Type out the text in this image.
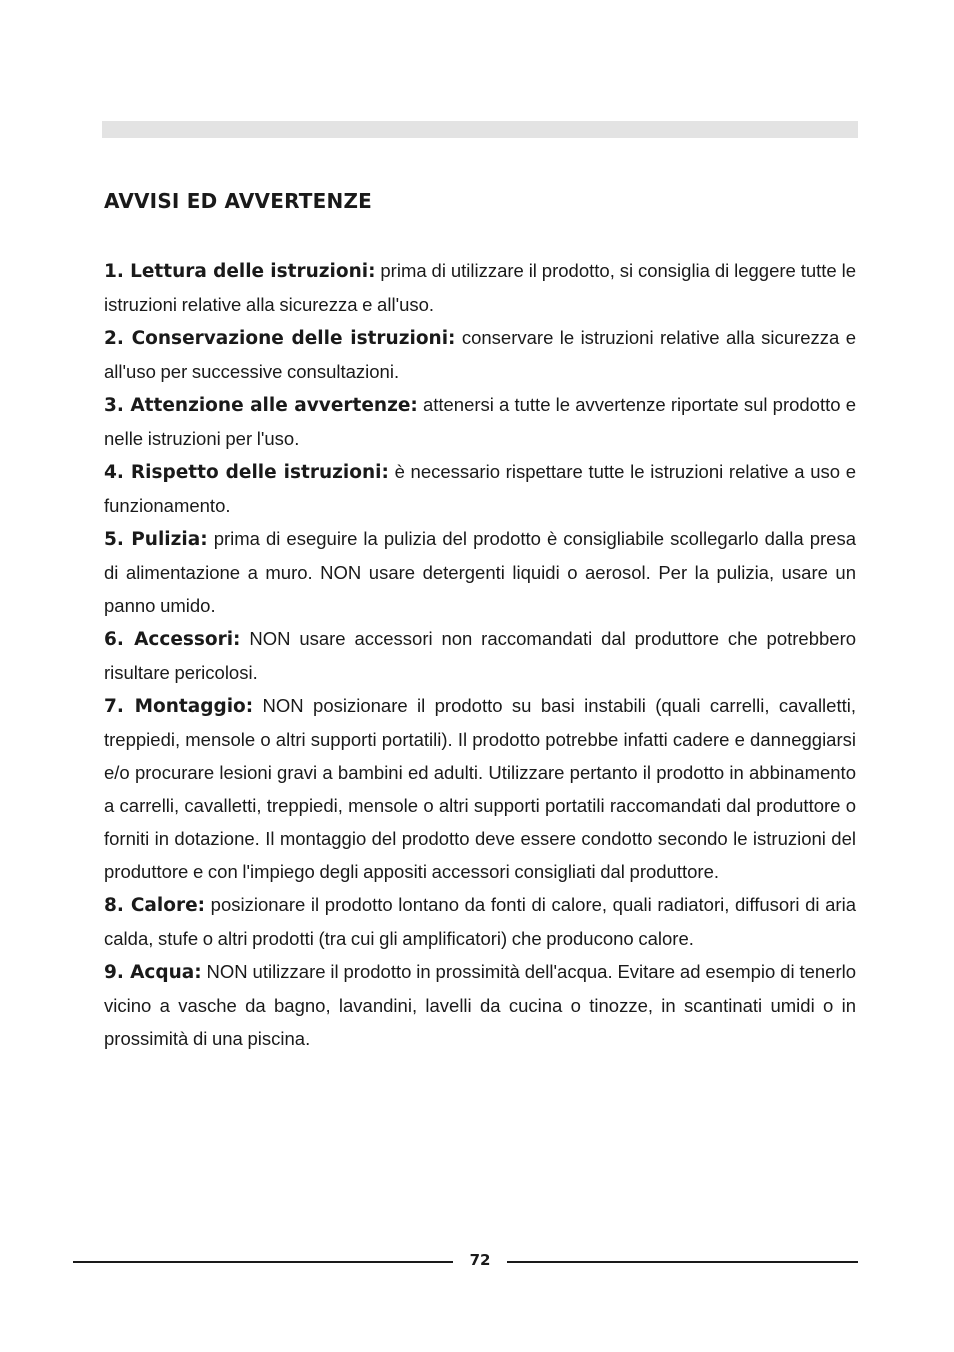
AVVISI ED AVVERTENZE

1. Lettura delle istruzioni: prima di utilizzare il prodotto, si consiglia di leggere tutte le istruzioni relative alla sicurezza e all'uso.

2. Conservazione delle istruzioni: conservare le istruzioni relative alla sicurezza e all'uso per successive consultazioni.

3. Attenzione alle avvertenze: attenersi a tutte le avvertenze riportate sul prodotto e nelle istruzioni per l'uso.

4. Rispetto delle istruzioni: è necessario rispettare tutte le istruzioni relative a uso e funzionamento.

5. Pulizia: prima di eseguire la pulizia del prodotto è consigliabile scollegarlo dalla presa di alimentazione a muro. NON usare detergenti liquidi o aerosol. Per la pulizia, usare un panno umido.

6. Accessori: NON usare accessori non raccomandati dal produttore che potrebbero risultare pericolosi.

7. Montaggio: NON posizionare il prodotto su basi instabili (quali carrelli, cavalletti, treppiedi, mensole o altri supporti portatili). Il prodotto potrebbe infatti cadere e danneggiarsi e/o procurare lesioni gravi a bambini ed adulti. Utilizzare pertanto il prodotto in abbinamento a carrelli, cavalletti, treppiedi, mensole o altri supporti portatili raccomandati dal produttore o forniti in dotazione. Il montaggio del prodotto deve essere condotto secondo le istruzioni del produttore e con l'impiego degli appositi accessori consigliati dal produttore.

8. Calore: posizionare il prodotto lontano da fonti di calore, quali radiatori, diffusori di aria calda, stufe o altri prodotti (tra cui gli amplificatori) che producono calore.

9. Acqua: NON utilizzare il prodotto in prossimità dell'acqua. Evitare ad esempio di tenerlo vicino a vasche da bagno, lavandini, lavelli da cucina o tinozze, in scantinati umidi o in prossimità di una piscina.

72
